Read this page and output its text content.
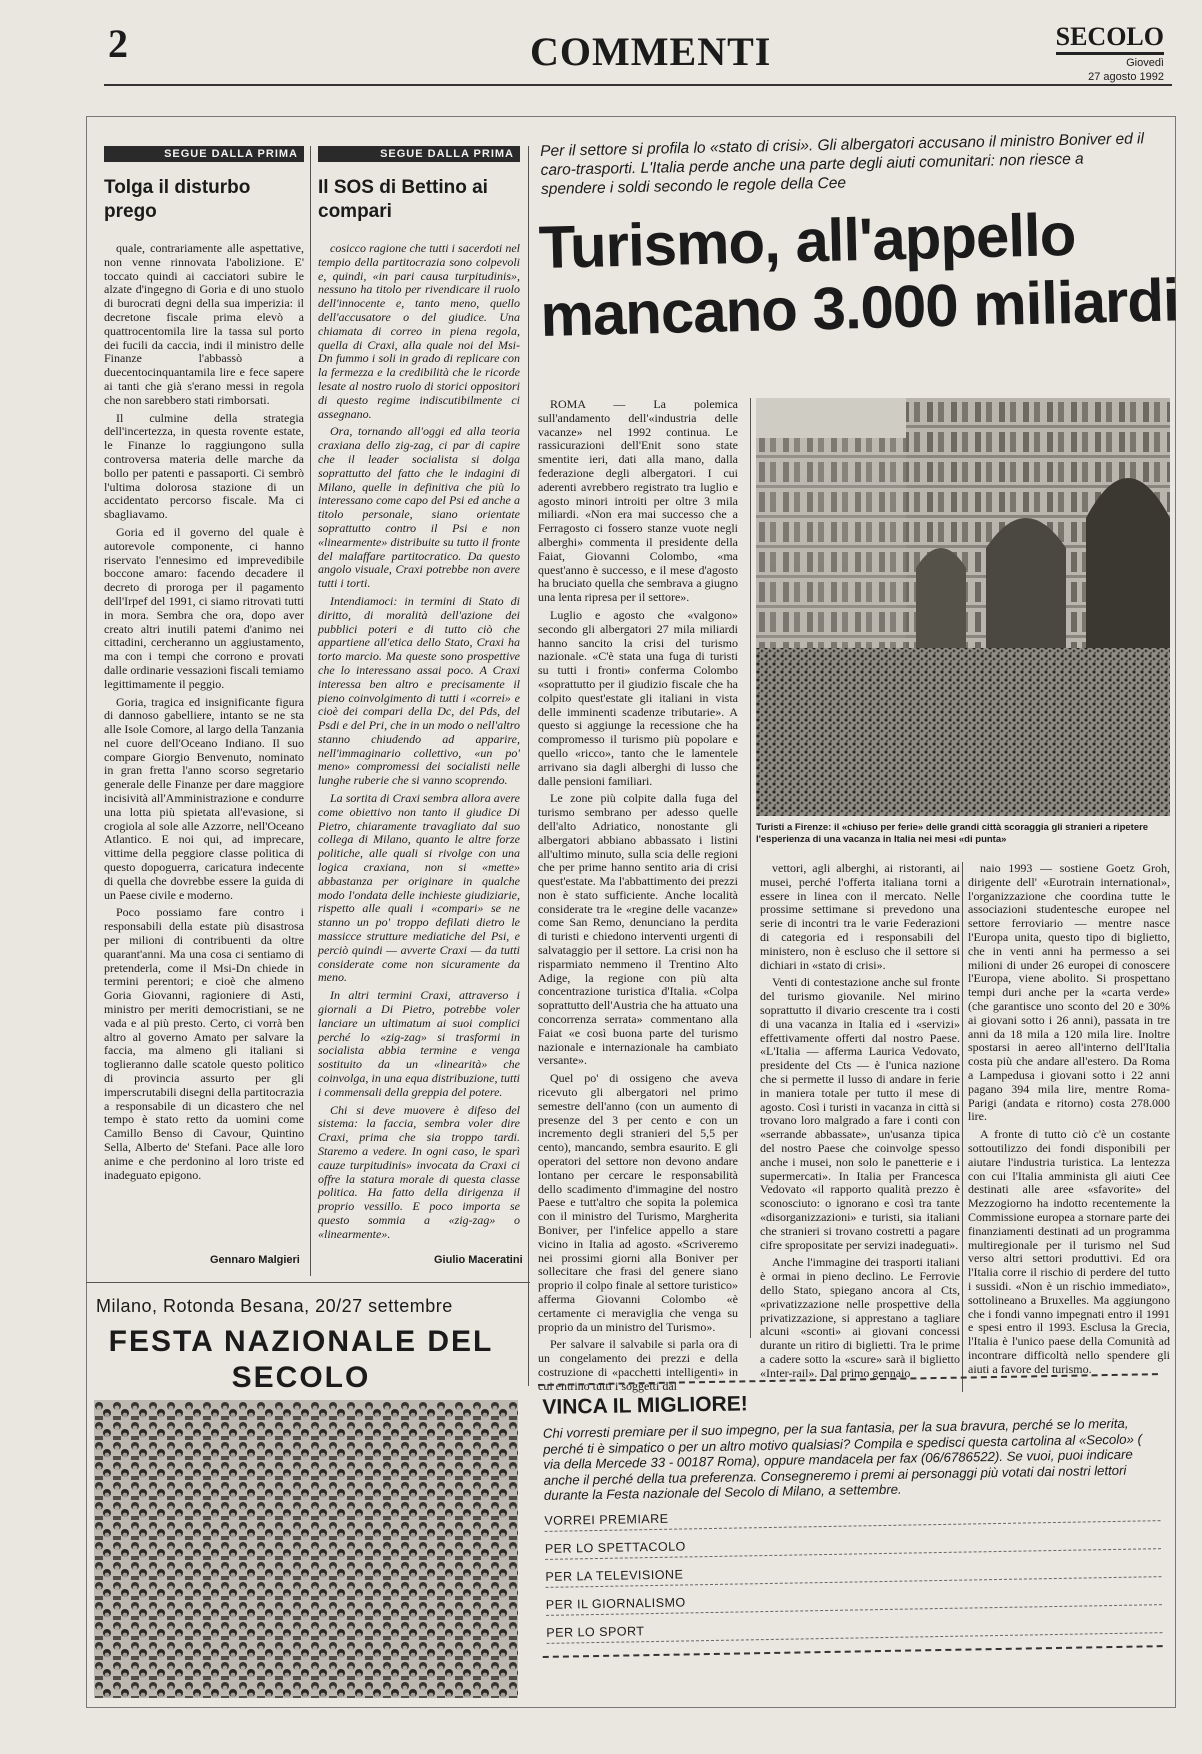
2	COMMENTI	SECOLO
Giovedì
27 agosto 1992
SEGUE DALLA PRIMA
Tolga il disturbo prego

quale, contrariamente alle aspettative, non venne rinnovata l'abolizione. E' toccato quindi ai cacciatori subire le alzate d'ingegno di Goria e di uno stuolo di burocrati degni della sua imperizia: il decretone fiscale prima elevò a quattrocentomila lire la tassa sul porto dei fucili da caccia, indi il ministro delle Finanze l'abbassò a duecentocinquantamila lire e fece sapere ai tanti che già s'erano messi in regola che non sarebbero stati rimborsati.

Il culmine della strategia dell'incertezza, in questa rovente estate, le Finanze lo raggiungono sulla controversa materia delle marche da bollo per patenti e passaporti. Ci sembrò l'ultima dolorosa stazione di un accidentato percorso fiscale. Ma ci sbagliavamo.

Goria ed il governo del quale è autorevole componente, ci hanno riservato l'ennesimo ed imprevedibile boccone amaro: facendo decadere il decreto di proroga per il pagamento dell'Irpef del 1991, ci siamo ritrovati tutti in mora. Sembra che ora, dopo aver creato altri inutili patemi d'animo nei cittadini, cercheranno un aggiustamento, ma con i tempi che corrono e provati dalle ordinarie vessazioni fiscali temiamo legittimamente il peggio.

Goria, tragica ed insignificante figura di dannoso gabelliere, intanto se ne sta alle Isole Comore, al largo della Tanzania nel cuore dell'Oceano Indiano. Il suo compare Giorgio Benvenuto, nominato in gran fretta l'anno scorso segretario generale delle Finanze per dare maggiore incisività all'Amministrazione e condurre una lotta più spietata all'evasione, si crogiola al sole alle Azzorre, nell'Oceano Atlantico. E noi qui, ad imprecare, vittime della peggiore classe politica di questo dopoguerra, caricatura indecente di quella che dovrebbe essere la guida di un Paese civile e moderno.

Poco possiamo fare contro i responsabili della estate più disastrosa per milioni di contribuenti da oltre quarant'anni. Ma una cosa ci sentiamo di pretenderla, come il Msi-Dn chiede in termini perentori; e cioè che almeno Goria Giovanni, ragioniere di Asti, ministro per meriti democristiani, se ne vada e al più presto. Certo, ci vorrà ben altro al governo Amato per salvare la faccia, ma almeno gli italiani si toglieranno dalle scatole questo politico di provincia assurto per gli imperscrutabili disegni della partitocrazia a responsabile di un dicastero che nel tempo è stato retto da uomini come Camillo Benso di Cavour, Quintino Sella, Alberto de' Stefani. Pace alle loro anime e che perdonino al loro triste ed inadeguato epigono.

Gennaro Malgieri
SEGUE DALLA PRIMA
Il SOS di Bettino ai compari

cosicco ragione che tutti i sacerdoti nel tempio della partitocrazia sono colpevoli e, quindi, «in pari causa turpitudinis», nessuno ha titolo per rivendicare il ruolo dell'innocente e, tanto meno, quello dell'accusatore o del giudice. Una chiamata di correo in piena regola, quella di Craxi, alla quale noi del Msi-Dn fummo i soli in grado di replicare con la fermezza e la credibilità che le ricorde lesate al nostro ruolo di storici oppositori di questo regime indiscutibilmente ci assegnano.

Ora, tornando all'oggi ed alla teoria craxiana dello zig-zag, ci par di capire che il leader socialista si dolga soprattutto del fatto che le indagini di Milano, quelle in definitiva che più lo interessano come capo del Psi ed anche a titolo personale, siano orientate soprattutto contro il Psi e non «linearmente» distribuite su tutto il fronte del malaffare partitocratico. Da questo angolo visuale, Craxi potrebbe non avere tutti i torti.

Intendiamoci: in termini di Stato di diritto, di moralità dell'azione dei pubblici poteri e di tutto ciò che appartiene all'etica dello Stato, Craxi ha torto marcio. Ma queste sono prospettive che lo interessano assai poco. A Craxi interessa ben altro e precisamente il pieno coinvolgimento di tutti i «correi» e cioè dei compari della Dc, del Pds, del Psdi e del Pri, che in un modo o nell'altro stanno chiudendo ad apparire, nell'immaginario collettivo, «un po' meno» compromessi dei socialisti nelle lunghe ruberie che si vanno scoprendo.

La sortita di Craxi sembra allora avere come obiettivo non tanto il giudice Di Pietro, chiaramente travagliato dal suo collega di Milano, quanto le altre forze politiche, alle quali si rivolge con una logica craxiana, non si «mette» abbastanza per originare in qualche modo l'ondata delle inchieste giudiziarie, rispetto alle quali i «compari» se ne stanno un po' troppo defilati dietro le massicce strutture mediatiche del Psi, e perciò quindi — avverte Craxi — da tutti considerate come non sicuramente da meno.

In altri termini Craxi, attraverso i giornali a Di Pietro, potrebbe voler lanciare un ultimatum ai suoi complici perché lo «zig-zag» si trasformi in socialista abbia termine e venga sostituito da un «linearità» che coinvolga, in una equa distribuzione, tutti i commensali della greppia del potere.

Chi si deve muovere è difeso del sistema: la faccia, sembra voler dire Craxi, prima che sia troppo tardi. Staremo a vedere. In ogni caso, le sparì cauze turpitudinis» invocata da Craxi ci offre la statura morale di questa classe politica. Ha fatto della dirigenza il proprio vessillo. E poco importa se questo sommia a «zig-zag» o «linearmente».

Giulio Maceratini
Per il settore si profila lo «stato di crisi». Gli albergatori accusano il ministro Boniver ed il caro-trasporti. L'Italia perde anche una parte degli aiuti comunitari: non riesce a spendere i soldi secondo le regole della Cee
Turismo, all'appello mancano 3.000 miliardi

ROMA — La polemica sull'andamento dell'«industria delle vacanze» nel 1992 continua. Le rassicurazioni dell'Enit sono state smentite ieri, dati alla mano, dalla federazione degli albergatori. I cui aderenti avrebbero registrato tra luglio e agosto minori introiti per oltre 3 mila miliardi. «Non era mai successo che a Ferragosto ci fossero stanze vuote negli alberghi» commenta il presidente della Faiat, Giovanni Colombo, «ma quest'anno è successo, e il mese d'agosto ha bruciato quella che sembrava a giugno una lenta ripresa per il settore».

Luglio e agosto che «valgono» secondo gli albergatori 27 mila miliardi hanno sancito la crisi del turismo nazionale. «C'è stata una fuga di turisti su tutti i fronti» conferma Colombo «soprattutto per il giudizio fiscale che ha colpito quest'estate gli italiani in vista delle imminenti scadenze tributarie». A questo si aggiunge la recessione che ha compromesso il turismo più popolare e quello «ricco», tanto che le lamentele arrivano sia dagli alberghi di lusso che dalle pensioni familiari.

Le zone più colpite dalla fuga del turismo sembrano per adesso quelle dell'alto Adriatico, nonostante gli albergatori abbiano abbassato i listini all'ultimo minuto, sulla scia delle regioni che per prime hanno sentito aria di crisi quest'estate. Ma l'abbattimento dei prezzi non è stato sufficiente. Anche località considerate tra le «regine delle vacanze» come San Remo, denunciano la perdita di turisti e chiedono interventi urgenti di salvataggio per il settore. La crisi non ha risparmiato nemmeno il Trentino Alto Adige, la regione con più alta concentrazione turistica d'Italia. «Colpa soprattutto dell'Austria che ha attuato una concorrenza serrata» commentano alla Faiat «e così buona parte del turismo nazionale e internazionale ha cambiato versante».

Quel po' di ossigeno che aveva ricevuto gli albergatori nel primo semestre dell'anno (con un aumento di presenze del 3 per cento e con un incremento degli stranieri del 5,5 per cento), mancando, sembra esaurito. E gli operatori del settore non devono andare lontano per cercare le responsabilità dello scadimento d'immagine del nostro Paese e tutt'altro che sopita la polemica con il ministro del Turismo, Margherita Boniver, per l'infelice appello a stare vicino in Italia ad agosto. «Scriveremo nei prossimi giorni alla Boniver per sollecitare che frasi del genere siano proprio il colpo finale al settore turistico» afferma Giovanni Colombo «è certamente ci meraviglia che venga su proprio da un ministro del Turismo».

Per salvare il salvabile si parla ora di un congelamento dei prezzi e della costruzione di «pacchetti intelligenti» in cui entrino tutti i soggetti dal

vettori, agli alberghi, ai ristoranti, ai musei, perché l'offerta italiana torni a essere in linea con il mercato. Nelle prossime settimane si prevedono una serie di incontri tra le varie Federazioni di categoria ed i responsabili del ministero, non è escluso che il settore si dichiari in «stato di crisi».

Venti di contestazione anche sul fronte del turismo giovanile. Nel mirino soprattutto il divario crescente tra i costi di una vacanza in Italia ed i «servizi» effettivamente offerti dal nostro Paese. «L'Italia — afferma Laurica Vedovato, presidente del Cts — è l'unica nazione che si permette il lusso di andare in ferie in maniera totale per tutto il mese di agosto. Così i turisti in vacanza in città si trovano loro malgrado a fare i conti con «serrande abbassate», un'usanza tipica del nostro Paese che coinvolge spesso anche i musei, non solo le panetterie e i supermercati». In Italia per Francesca Vedovato «il rapporto qualità prezzo è sconosciuto: o ignorano e così tra tante «disorganizzazioni» e turisti, sia italiani che stranieri si trovano costretti a pagare cifre spropositate per servizi inadeguati».

Anche l'immagine dei trasporti italiani è ormai in pieno declino. Le Ferrovie dello Stato, spiegano ancora al Cts, «privatizzazione nelle prospettive della privatizzazione, si apprestano a tagliare alcuni «sconti» ai giovani concessi durante un ritiro di biglietti. Tra le prime a cadere sotto la «scure» sarà il biglietto «Inter-rail». Dal primo gennaio

naio 1993 — sostiene Goetz Groh, dirigente dell' «Eurotrain international», l'organizzazione che coordina tutte le associazioni studentesche europee nel settore ferroviario — mentre nasce l'Europa unita, questo tipo di biglietto, che in venti anni ha permesso a sei milioni di under 26 europei di conoscere l'Europa, viene abolito. Si prospettano tempi duri anche per la «carta verde» (che garantisce uno sconto del 20 e 30% ai giovani sotto i 26 anni), passata in tre anni da 18 mila a 120 mila lire. Inoltre spostarsi in aereo all'interno dell'Italia costa più che andare all'estero. Da Roma a Lampedusa i giovani sotto i 22 anni pagano 394 mila lire, mentre Roma-Parigi (andata e ritorno) costa 278.000 lire.

A fronte di tutto ciò c'è un costante sottoutilizzo dei fondi disponibili per aiutare l'industria turistica. La lentezza con cui l'Italia amminista gli aiuti Cee destinati alle aree «sfavorite» del Mezzogiorno ha indotto recentemente la Commissione europea a stornare parte dei finanziamenti destinati ad un programma multiregionale per il turismo nel Sud verso altri settori produttivi. Ed ora l'Italia corre il rischio di perdere del tutto i sussidi. «Non è un rischio immediato», sottolineano a Bruxelles. Ma aggiungono che i fondi vanno impegnati entro il 1991 e spesi entro il 1993. Esclusa la Grecia, l'Italia è l'unico paese della Comunità ad incontrare difficoltà nello spendere gli aiuti a favore del turismo.

Turisti a Firenze: il «chiuso per ferie» delle grandi città scoraggia gli stranieri a ripetere l'esperienza di una vacanza in Italia nei mesi «di punta»
Milano, Rotonda Besana, 20/27 settembre
FESTA NAZIONALE DEL SECOLO
VINCA IL MIGLIORE!
Chi vorresti premiare per il suo impegno, per la sua fantasia, per la sua bravura, perché se lo merita, perché ti è simpatico o per un altro motivo qualsiasi? Compila e spedisci questa cartolina al «Secolo» ( via della Mercede 33 - 00187 Roma), oppure mandacela per fax (06/6786522). Se vuoi, puoi indicare anche il perché della tua preferenza. Consegneremo i premi ai personaggi più votati dai nostri lettori durante la Festa nazionale del Secolo di Milano, a settembre.
VORREI PREMIARE
PER LO SPETTACOLO
PER LA TELEVISIONE
PER IL GIORNALISMO
PER LO SPORT
